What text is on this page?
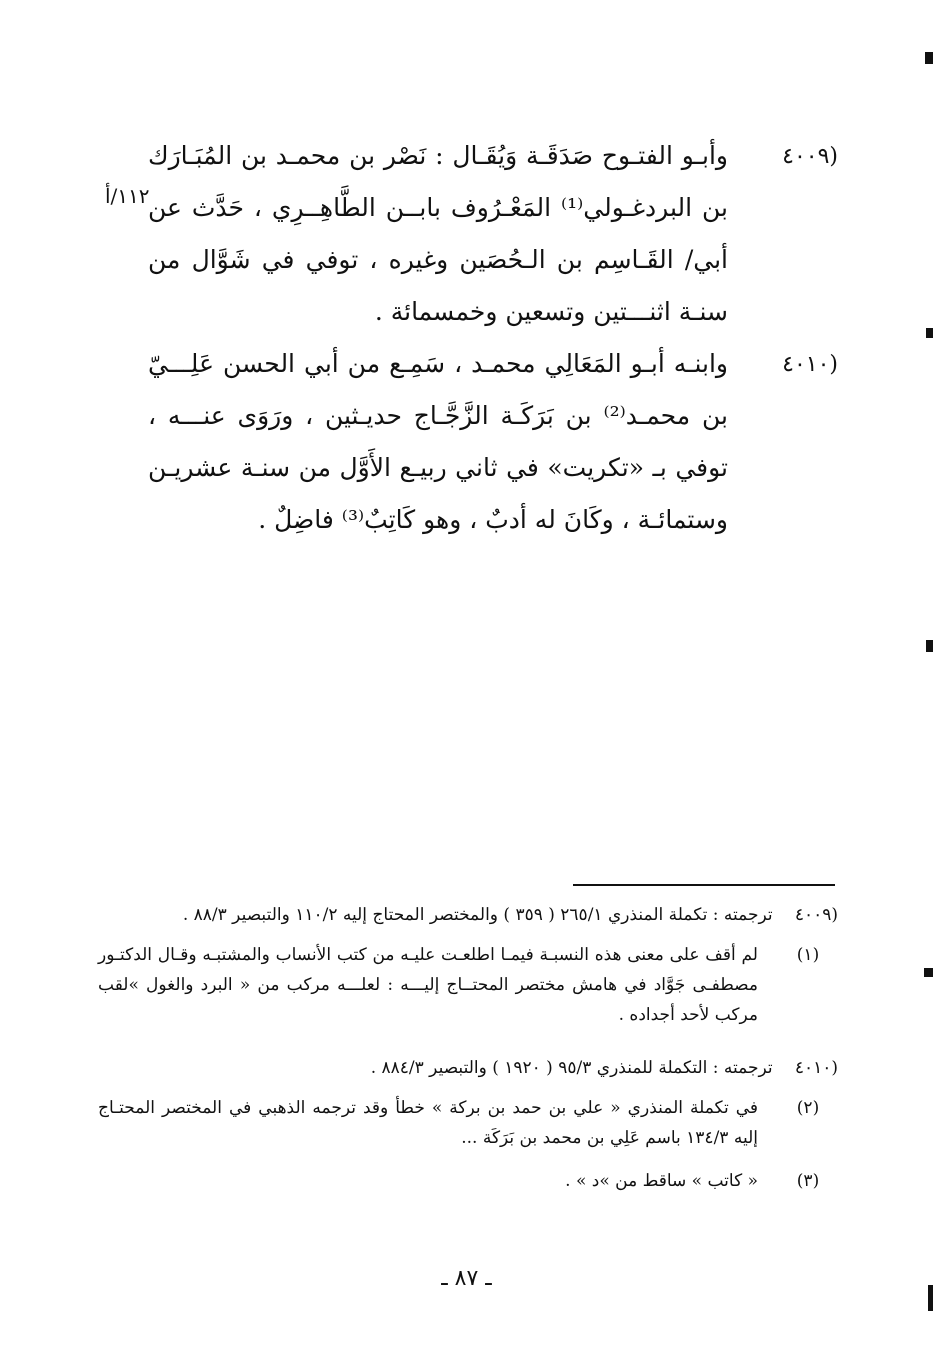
(٤٠٠٩
وأبـو الفتـوح صَدَقَـة وَيُقَـال : نَصْر بن محمـد بن المُبَـارَك بن البردغـولي⁽¹⁾ المَعْـرُوف بابــن الطَّاهِــرِي ، حَدَّث عن أبي/ القَـاسِم بن الـحُصَين وغيره ، توفي في شَوَّال من سنـة اثنـــتين وتسعين وخمسمائة .
١١٢/أ
(٤٠١٠
وابنـه أبـو المَعَالِي محمـد ، سَمِـع من أبي الحسن عَلِـــيّ بن محمـد⁽²⁾ بن بَرَكَـة الزَّجَّـاج حديـثين ، ورَوَى عنـــه ، توفي بـ «تكريت» في ثاني ربيـع الأَوَّل من سنـة عشريـن وستمائـة ، وكَانَ له أدبٌ ، وهو كَاتِبٌ⁽³⁾ فاضِلٌ .
(٤٠٠٩ ترجمته : تكملة المنذري ٢٦٥/١ ( ٣٥٩ ) والمختصر المحتاج إليه ١١٠/٢ والتبصير ٨٨/٣ .
(١)
لم أقف على معنى هذه النسبـة فيمـا اطلعـت عليـه من كتب الأنساب والمشتبـه وقـال الدكتـور مصطفـى جَوَّاد في هامش مختصر المحتــاج إليـــه : لعلـــه مركب من « البرد والغول »لقب مركب لأحد أجداده .
(٤٠١٠ ترجمته : التكملة للمنذري ٩٥/٣ ( ١٩٢٠ ) والتبصير ٨٨٤/٣ .
(٢)
في تكملة المنذري « علي بن حمد بن بركة » خطأ وقد ترجمه الذهبي في المختصر المحتـاج إليه ١٣٤/٣ باسم عَلِي بن محمد بن بَرَكَة ...
(٣)
« كاتب » ساقط من »د » .
ـ ٨٧ ـ
